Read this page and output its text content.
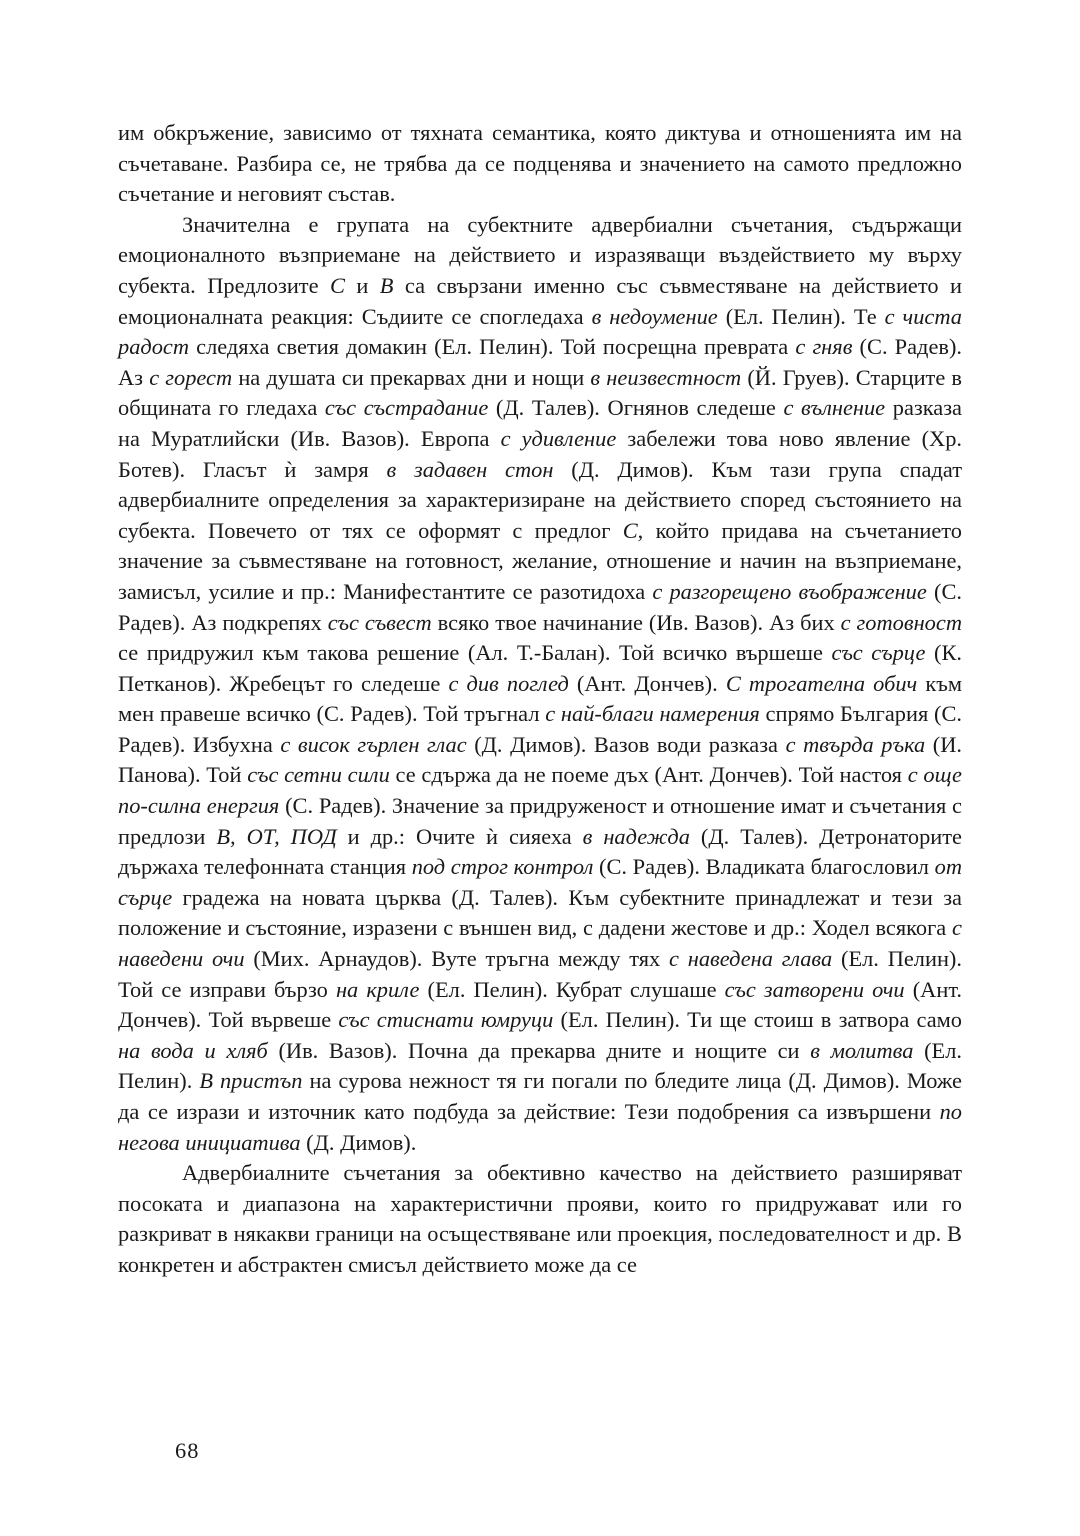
им обкръжение, зависимо от тяхната семантика, която диктува и отношенията им на съчетаване. Разбира се, не трябва да се подценява и значението на самото предложно съчетание и неговият състав.

Значителна е групата на субектните адвербиални съчетания, съдържащи емоционалното възприемане на действието и изразяващи въздействието му върху субекта. Предлозите С и В са свързани именно със съвместяване на действието и емоционалната реакция: Съдиите се спогледаха в недоумение (Ел. Пелин). Те с чиста радост следяха светия домакин (Ел. Пелин). Той посрещна преврата с гняв (С. Радев). Аз с горест на душата си прекарвах дни и нощи в неизвестност (Й. Груев). Старците в общината го гледаха със състрадание (Д. Талев). Огнянов следеше с вълнение разказа на Муратлийски (Ив. Вазов). Европа с удивление забележи това ново явление (Хр. Ботев). Гласът ѝ замря в задавен стон (Д. Димов). Към тази група спадат адвербиалните определения за характеризиране на действието според състоянието на субекта. Повечето от тях се оформят с предлог С, който придава на съчетанието значение за съвместяване на готовност, желание, отношение и начин на възприемане, замисъл, усилие и пр.: Манифестантите се разотидоха с разгорещено въображение (С. Радев). Аз подкрепях със съвест всяко твое начинание (Ив. Вазов). Аз бих с готовност се придружил към такова решение (Ал. Т.-Балан). Той всичко вършеше със сърце (К. Петканов). Жребецът го следеше с див поглед (Ант. Дончев). С трогателна обич към мен правеше всичко (С. Радев). Той тръгнал с най-благи намерения спрямо България (С. Радев). Избухна с висок гърлен глас (Д. Димов). Вазов води разказа с твърда ръка (И. Панова). Той със сетни сили се сдържа да не поеме дъх (Ант. Дончев). Той настоя с още по-силна енергия (С. Радев). Значение за придруженост и отношение имат и съчетания с предлози В, ОТ, ПОД и др.: Очите ѝ сияеха в надежда (Д. Талев). Детронаторите държаха телефонната станция под строг контрол (С. Радев). Владиката благословил от сърце градежа на новата църква (Д. Талев). Към субектните принадлежат и тези за положение и състояние, изразени с външен вид, с дадени жестове и др.: Ходел всякога с наведени очи (Мих. Арнаудов). Вуте тръгна между тях с наведена глава (Ел. Пелин). Той се изправи бързо на криле (Ел. Пелин). Кубрат слушаше със затворени очи (Ант. Дончев). Той вървеше със стиснати юмруци (Ел. Пелин). Ти ще стоиш в затвора само на вода и хляб (Ив. Вазов). Почна да прекарва дните и нощите си в молитва (Ел. Пелин). В пристъп на сурова нежност тя ги погали по бледите лица (Д. Димов). Може да се изрази и източник като подбуда за действие: Тези подобрения са извършени по негова инициатива (Д. Димов).

Адвербиалните съчетания за обективно качество на действието разширяват посоката и диапазона на характеристични прояви, които го придружават или го разкриват в някакви граници на осъществяване или проекция, последователност и др. В конкретен и абстрактен смисъл действието може да се

68
